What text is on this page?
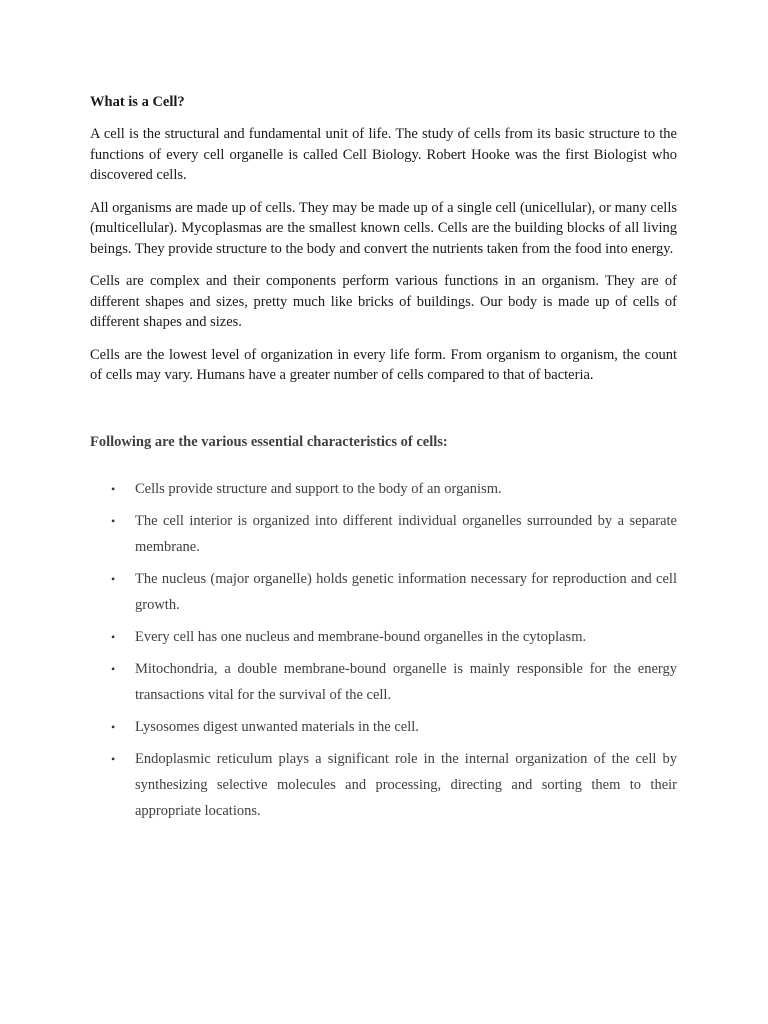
What is a Cell?

A cell is the structural and fundamental unit of life. The study of cells from its basic structure to the functions of every cell organelle is called Cell Biology. Robert Hooke was the first Biologist who discovered cells.

All organisms are made up of cells. They may be made up of a single cell (unicellular), or many cells (multicellular). Mycoplasmas are the smallest known cells. Cells are the building blocks of all living beings. They provide structure to the body and convert the nutrients taken from the food into energy.

Cells are complex and their components perform various functions in an organism. They are of different shapes and sizes, pretty much like bricks of buildings. Our body is made up of cells of different shapes and sizes.

Cells are the lowest level of organization in every life form. From organism to organism, the count of cells may vary. Humans have a greater number of cells compared to that of bacteria.

Following are the various essential characteristics of cells:
• Cells provide structure and support to the body of an organism.
• The cell interior is organized into different individual organelles surrounded by a separate membrane.
• The nucleus (major organelle) holds genetic information necessary for reproduction and cell growth.
• Every cell has one nucleus and membrane-bound organelles in the cytoplasm.
• Mitochondria, a double membrane-bound organelle is mainly responsible for the energy transactions vital for the survival of the cell.
• Lysosomes digest unwanted materials in the cell.
• Endoplasmic reticulum plays a significant role in the internal organization of the cell by synthesizing selective molecules and processing, directing and sorting them to their appropriate locations.
